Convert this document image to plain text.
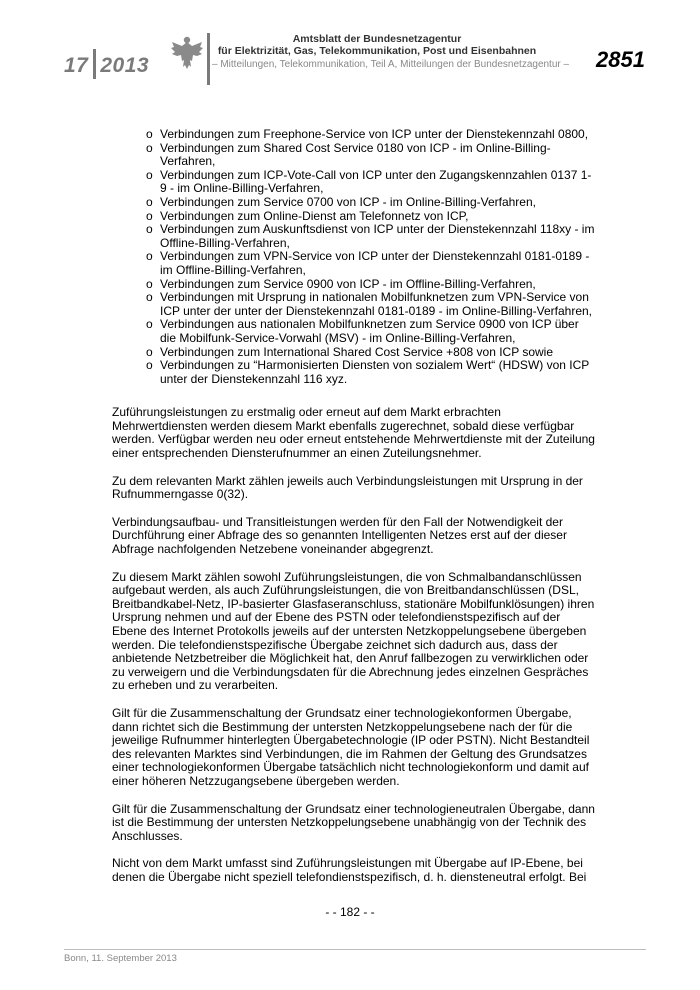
17 2013
Amtsblatt der Bundesnetzagentur
für Elektrizität, Gas, Telekommunikation, Post und Eisenbahnen
– Mitteilungen, Telekommunikation, Teil A, Mitteilungen der Bundesnetzagentur – 2851
o Verbindungen zum Freephone-Service von ICP unter der Dienstekennzahl 0800,
o Verbindungen zum Shared Cost Service 0180 von ICP - im Online-Billing-Verfahren,
o Verbindungen zum ICP-Vote-Call von ICP unter den Zugangskennzahlen 0137 1-9 - im Online-Billing-Verfahren,
o Verbindungen zum Service 0700 von ICP - im Online-Billing-Verfahren,
o Verbindungen zum Online-Dienst am Telefonnetz von ICP,
o Verbindungen zum Auskunftsdienst von ICP unter der Dienstekennzahl 118xy - im Offline-Billing-Verfahren,
o Verbindungen zum VPN-Service von ICP unter der Dienstekennzahl 0181-0189 - im Offline-Billing-Verfahren,
o Verbindungen zum Service 0900 von ICP - im Offline-Billing-Verfahren,
o Verbindungen mit Ursprung in nationalen Mobilfunknetzen zum VPN-Service von ICP unter der unter der Dienstekennzahl 0181-0189 - im Online-Billing-Verfahren,
o Verbindungen aus nationalen Mobilfunknetzen zum Service 0900 von ICP über die Mobilfunk-Service-Vorwahl (MSV) - im Online-Billing-Verfahren,
o Verbindungen zum International Shared Cost Service +808 von ICP sowie
o Verbindungen zu “Harmonisierten Diensten von sozialem Wert“ (HDSW) von ICP unter der Dienstekennzahl 116 xyz.

Zuführungsleistungen zu erstmalig oder erneut auf dem Markt erbrachten Mehrwertdiensten werden diesem Markt ebenfalls zugerechnet, sobald diese verfügbar werden. Verfügbar werden neu oder erneut entstehende Mehrwertdienste mit der Zuteilung einer entsprechenden Diensterufnummer an einen Zuteilungsnehmer.

Zu dem relevanten Markt zählen jeweils auch Verbindungsleistungen mit Ursprung in der Rufnummerngasse 0(32).

Verbindungsaufbau- und Transitleistungen werden für den Fall der Notwendigkeit der Durchführung einer Abfrage des so genannten Intelligenten Netzes erst auf der dieser Abfrage nachfolgenden Netzebene voneinander abgegrenzt.

Zu diesem Markt zählen sowohl Zuführungsleistungen, die von Schmalbandanschlüssen aufgebaut werden, als auch Zuführungsleistungen, die von Breitbandanschlüssen (DSL, Breitbandkabel-Netz, IP-basierter Glasfaseranschluss, stationäre Mobilfunklösungen) ihren Ursprung nehmen und auf der Ebene des PSTN oder telefondienstspezifisch auf der Ebene des Internet Protokolls jeweils auf der untersten Netzkoppelungsebene übergeben werden. Die telefondienstspezifische Übergabe zeichnet sich dadurch aus, dass der anbietende Netzbetreiber die Möglichkeit hat, den Anruf fallbezogen zu verwirklichen oder zu verweigern und die Verbindungsdaten für die Abrechnung jedes einzelnen Gespräches zu erheben und zu verarbeiten.

Gilt für die Zusammenschaltung der Grundsatz einer technologiekonformen Übergabe, dann richtet sich die Bestimmung der untersten Netzkoppelungsebene nach der für die jeweilige Rufnummer hinterlegten Übergabetechnologie (IP oder PSTN). Nicht Bestandteil des relevanten Marktes sind Verbindungen, die im Rahmen der Geltung des Grundsatzes einer technologiekonformen Übergabe tatsächlich nicht technologiekonform und damit auf einer höheren Netzzugangsebene übergeben werden.

Gilt für die Zusammenschaltung der Grundsatz einer technologieneutralen Übergabe, dann ist die Bestimmung der untersten Netzkoppelungsebene unabhängig von der Technik des Anschlusses.

Nicht von dem Markt umfasst sind Zuführungsleistungen mit Übergabe auf IP-Ebene, bei denen die Übergabe nicht speziell telefondienstspezifisch, d. h. diensteneutral erfolgt. Bei

- - 182 - -
Bonn, 11. September 2013
